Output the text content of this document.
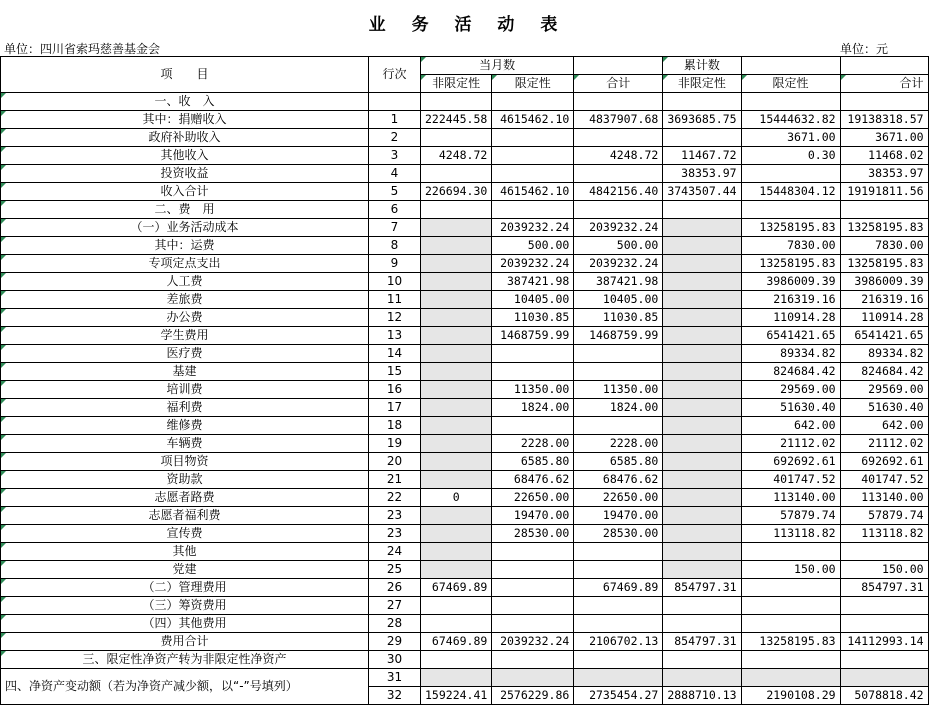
业 务 活 动 表
单位：四川省索玛慈善基金会	单位：元

项　　目	行次	当月数			累计数		
		非限定性	限定性	合计	非限定性	限定性	合计
一、收　入							
其中：捐赠收入	1	222445.58	4615462.10	4837907.68	3693685.75	15444632.82	19138318.57
政府补助收入	2					3671.00	3671.00
其他收入	3	4248.72		4248.72	11467.72	0.30	11468.02
投资收益	4				38353.97		38353.97
收入合计	5	226694.30	4615462.10	4842156.40	3743507.44	15448304.12	19191811.56
二、费　用	6						
（一）业务活动成本	7		2039232.24	2039232.24		13258195.83	13258195.83
其中：运费	8		500.00	500.00		7830.00	7830.00
专项定点支出	9		2039232.24	2039232.24		13258195.83	13258195.83
人工费	10		387421.98	387421.98		3986009.39	3986009.39
差旅费	11		10405.00	10405.00		216319.16	216319.16
办公费	12		11030.85	11030.85		110914.28	110914.28
学生费用	13		1468759.99	1468759.99		6541421.65	6541421.65
医疗费	14					89334.82	89334.82
基建	15					824684.42	824684.42
培训费	16		11350.00	11350.00		29569.00	29569.00
福利费	17		1824.00	1824.00		51630.40	51630.40
维修费	18					642.00	642.00
车辆费	19		2228.00	2228.00		21112.02	21112.02
项目物资	20		6585.80	6585.80		692692.61	692692.61
资助款	21		68476.62	68476.62		401747.52	401747.52
志愿者路费	22	0	22650.00	22650.00		113140.00	113140.00
志愿者福利费	23		19470.00	19470.00		57879.74	57879.74
宣传费	23		28530.00	28530.00		113118.82	113118.82
其他	24						
党建	25					150.00	150.00
（二）管理费用	26	67469.89		67469.89	854797.31		854797.31
（三）筹资费用	27						
（四）其他费用	28						
费用合计	29	67469.89	2039232.24	2106702.13	854797.31	13258195.83	14112993.14
三、限定性净资产转为非限定性净资产	30						
四、净资产变动额（若为净资产减少额，以“-”号填列）	31						
	32	159224.41	2576229.86	2735454.27	2888710.13	2190108.29	5078818.42
